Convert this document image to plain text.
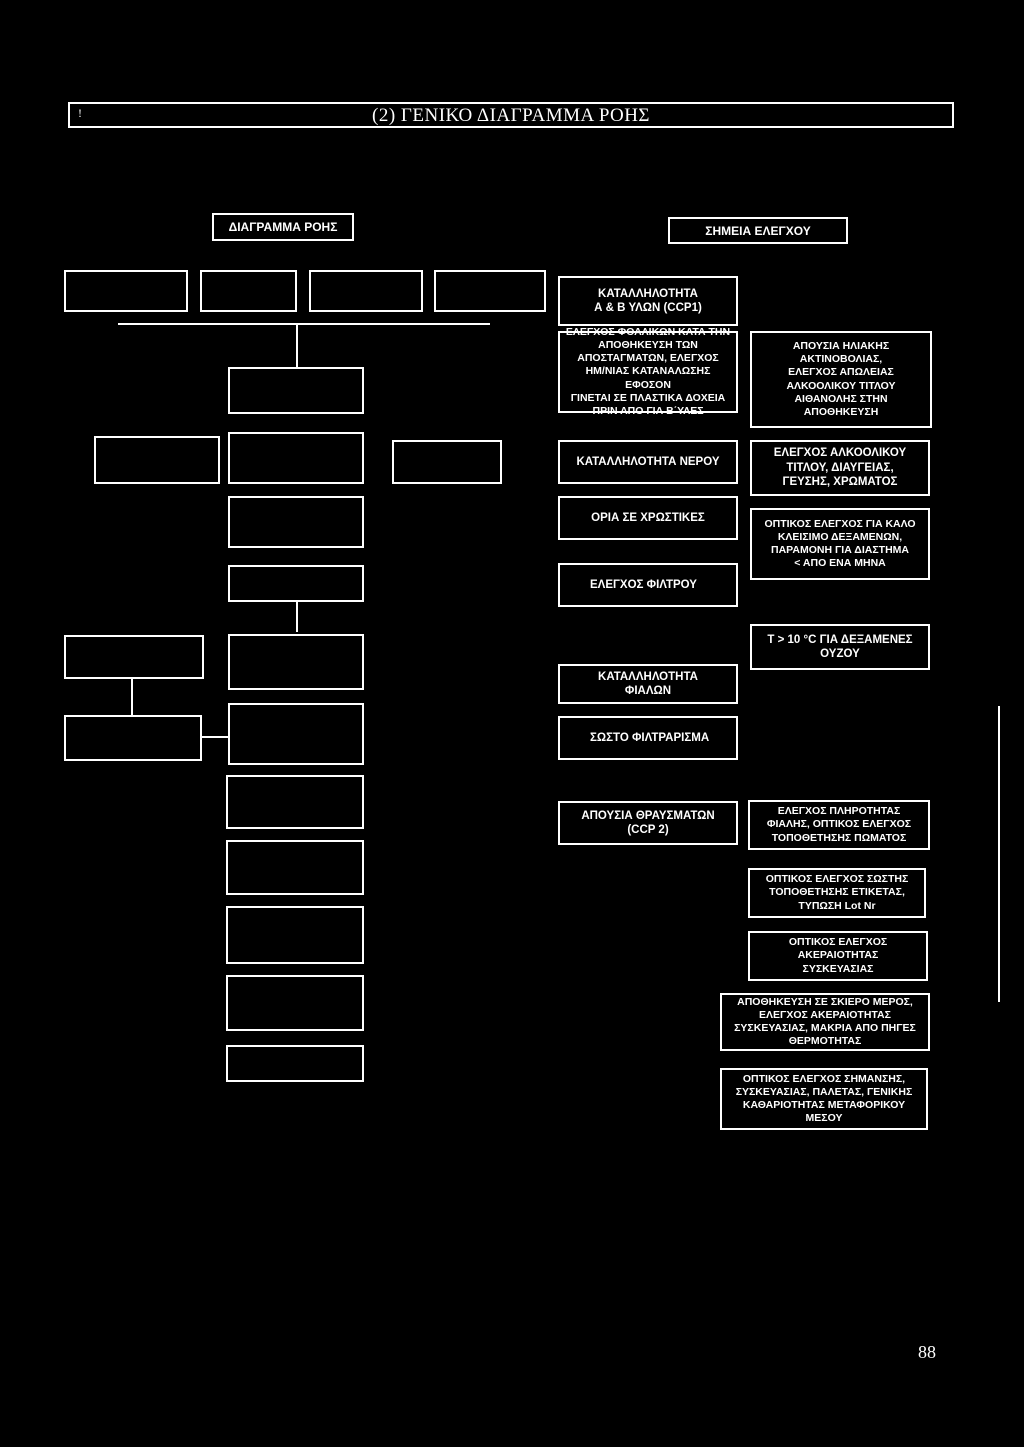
!	(2) ΓΕΝΙΚΟ ΔΙΑΓΡΑΜΜΑ ΡΟΗΣ
ΔΙΑΓΡΑΜΜΑ ΡΟΗΣ	ΣΗΜΕΙΑ ΕΛΕΓΧΟΥ
ΚΑΤΑΛΛΗΛΟΤΗΤΑ
Α & Β ΥΛΩΝ (CCP1)
ΕΛΕΓΧΟΣ ΦΘΑΛΙΚΩΝ ΚΑΤΑ ΤΗΝ
ΑΠΟΘΗΚΕΥΣΗ ΤΩΝ
ΑΠΟΣΤΑΓΜΑΤΩΝ, ΕΛΕΓΧΟΣ
ΗΜ/ΝΙΑΣ ΚΑΤΑΝΑΛΩΣΗΣ ΕΦΟΣΟΝ
ΓΙΝΕΤΑΙ ΣΕ ΠΛΑΣΤΙΚΑ ΔΟΧΕΙΑ
ΠΡΙΝ ΑΠΟ ΓΙΑ Β΄ΥΛΕΣ
ΑΠΟΥΣΙΑ ΗΛΙΑΚΗΣ
ΑΚΤΙΝΟΒΟΛΙΑΣ,
ΕΛΕΓΧΟΣ ΑΠΩΛΕΙΑΣ
ΑΛΚΟΟΛΙΚΟΥ ΤΙΤΛΟΥ
ΑΙΘΑΝΟΛΗΣ ΣΤΗΝ
ΑΠΟΘΗΚΕΥΣΗ
ΚΑΤΑΛΛΗΛΟΤΗΤΑ ΝΕΡΟΥ
ΕΛΕΓΧΟΣ ΑΛΚΟΟΛΙΚΟΥ
ΤΙΤΛΟΥ, ΔΙΑΥΓΕΙΑΣ,
ΓΕΥΣΗΣ, ΧΡΩΜΑΤΟΣ
ΟΡΙΑ ΣΕ ΧΡΩΣΤΙΚΕΣ	ΟΠΤΙΚΟΣ ΕΛΕΓΧΟΣ ΓΙΑ ΚΑΛΟ
ΚΛΕΙΣΙΜΟ ΔΕΞΑΜΕΝΩΝ,
ΠΑΡΑΜΟΝΗ ΓΙΑ ΔΙΑΣΤΗΜΑ
< ΑΠΟ ΕΝΑ ΜΗΝΑ
ΕΛΕΓΧΟΣ ΦΙΛΤΡΟΥ
Τ > 10 °C ΓΙΑ ΔΕΞΑΜΕΝΕΣ
ΟΥΖΟΥ
ΚΑΤΑΛΛΗΛΟΤΗΤΑ
ΦΙΑΛΩΝ
ΣΩΣΤΟ ΦΙΛΤΡΑΡΙΣΜΑ
ΑΠΟΥΣΙΑ ΘΡΑΥΣΜΑΤΩΝ
(CCP 2)
ΕΛΕΓΧΟΣ ΠΛΗΡΟΤΗΤΑΣ
ΦΙΑΛΗΣ, ΟΠΤΙΚΟΣ ΕΛΕΓΧΟΣ
ΤΟΠΟΘΕΤΗΣΗΣ ΠΩΜΑΤΟΣ
ΟΠΤΙΚΟΣ ΕΛΕΓΧΟΣ ΣΩΣΤΗΣ
ΤΟΠΟΘΕΤΗΣΗΣ ΕΤΙΚΕΤΑΣ,
ΤΥΠΩΣΗ Lot Nr
ΟΠΤΙΚΟΣ ΕΛΕΓΧΟΣ
ΑΚΕΡΑΙΟΤΗΤΑΣ
ΣΥΣΚΕΥΑΣΙΑΣ
ΑΠΟΘΗΚΕΥΣΗ ΣΕ ΣΚΙΕΡΟ ΜΕΡΟΣ,
ΕΛΕΓΧΟΣ ΑΚΕΡΑΙΟΤΗΤΑΣ
ΣΥΣΚΕΥΑΣΙΑΣ, ΜΑΚΡΙΑ ΑΠΟ ΠΗΓΕΣ
ΘΕΡΜΟΤΗΤΑΣ
ΟΠΤΙΚΟΣ ΕΛΕΓΧΟΣ ΣΗΜΑΝΣΗΣ,
ΣΥΣΚΕΥΑΣΙΑΣ, ΠΑΛΕΤΑΣ, ΓΕΝΙΚΗΣ
ΚΑΘΑΡΙΟΤΗΤΑΣ ΜΕΤΑΦΟΡΙΚΟΥ
ΜΕΣΟΥ
88
